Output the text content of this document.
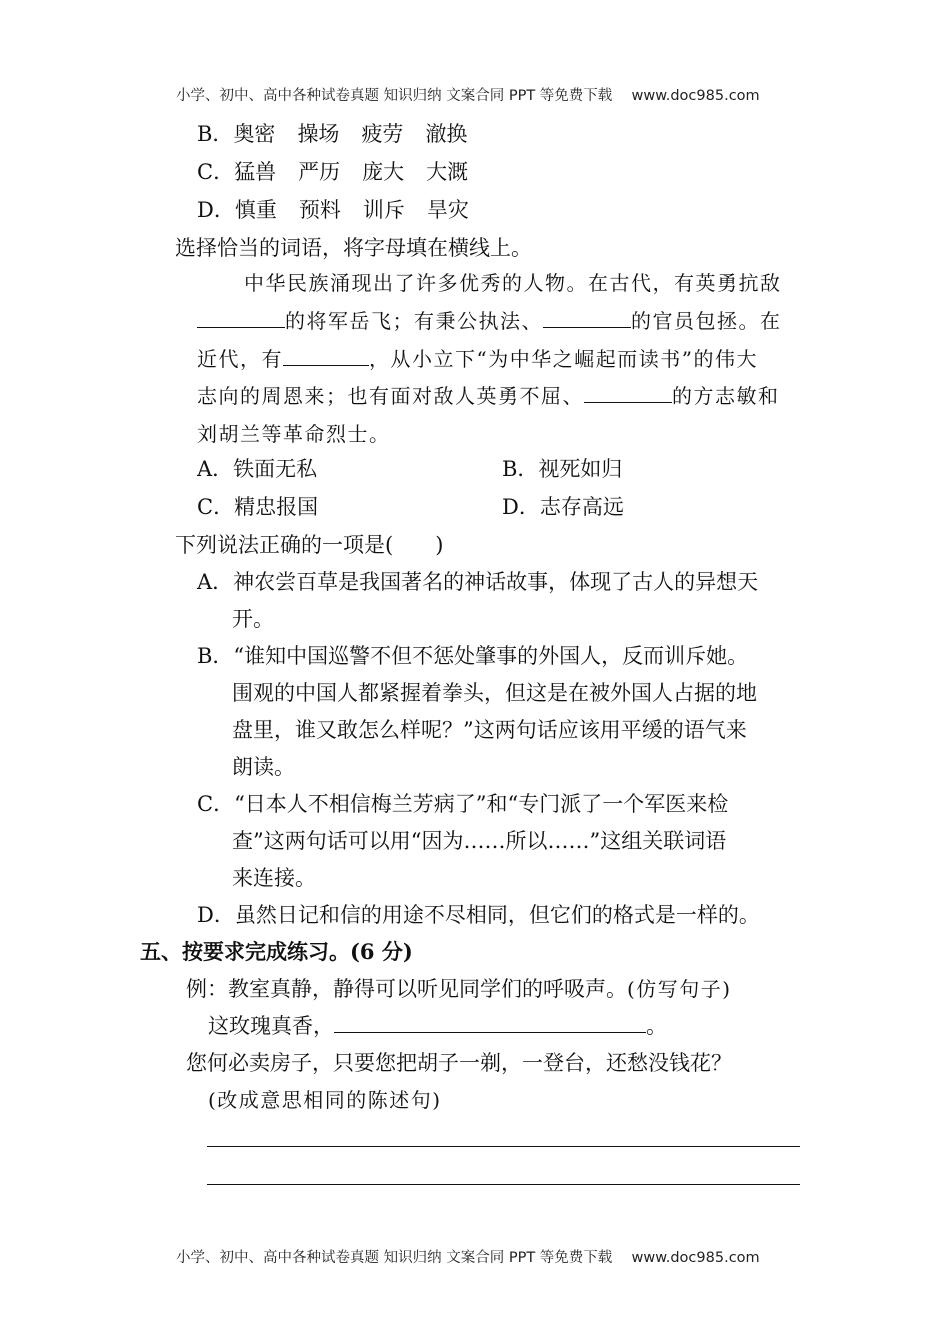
小学、初中、高中各种试卷真题 知识归纳 文案合同 PPT 等免费下载 www.doc985.com
B．奥密 操场 疲劳 澈换
C．猛兽 严历 庞大 大溉
D．慎重 预料 训斥 旱灾
选择恰当的词语，将字母填在横线上。
中华民族涌现出了许多优秀的人物。在古代，有英勇抗敌
的将军岳飞；有秉公执法、	的官员包拯。在
近代，有	，从小立下“为中华之崛起而读书”的伟大
志向的周恩来；也有面对敌人英勇不屈、	的方志敏和
刘胡兰等革命烈士。
A．铁面无私	B．视死如归
C．精忠报国	D．志存高远
下列说法正确的一项是(　　)
A．神农尝百草是我国著名的神话故事，体现了古人的异想天
开。
B．“谁知中国巡警不但不惩处肇事的外国人，反而训斥她。
围观的中国人都紧握着拳头，但这是在被外国人占据的地
盘里，谁又敢怎么样呢？”这两句话应该用平缓的语气来
朗读。
C．“日本人不相信梅兰芳病了”和“专门派了一个军医来检
查”这两句话可以用“因为……所以……”这组关联词语
来连接。
D．虽然日记和信的用途不尽相同，但它们的格式是一样的。
五、按要求完成练习。(6 分)
例：教室真静，静得可以听见同学们的呼吸声。(仿写句子)
这玫瑰真香，	。
您何必卖房子，只要您把胡子一剃，一登台，还愁没钱花？
(改成意思相同的陈述句)
小学、初中、高中各种试卷真题 知识归纳 文案合同 PPT 等免费下载 www.doc985.com
